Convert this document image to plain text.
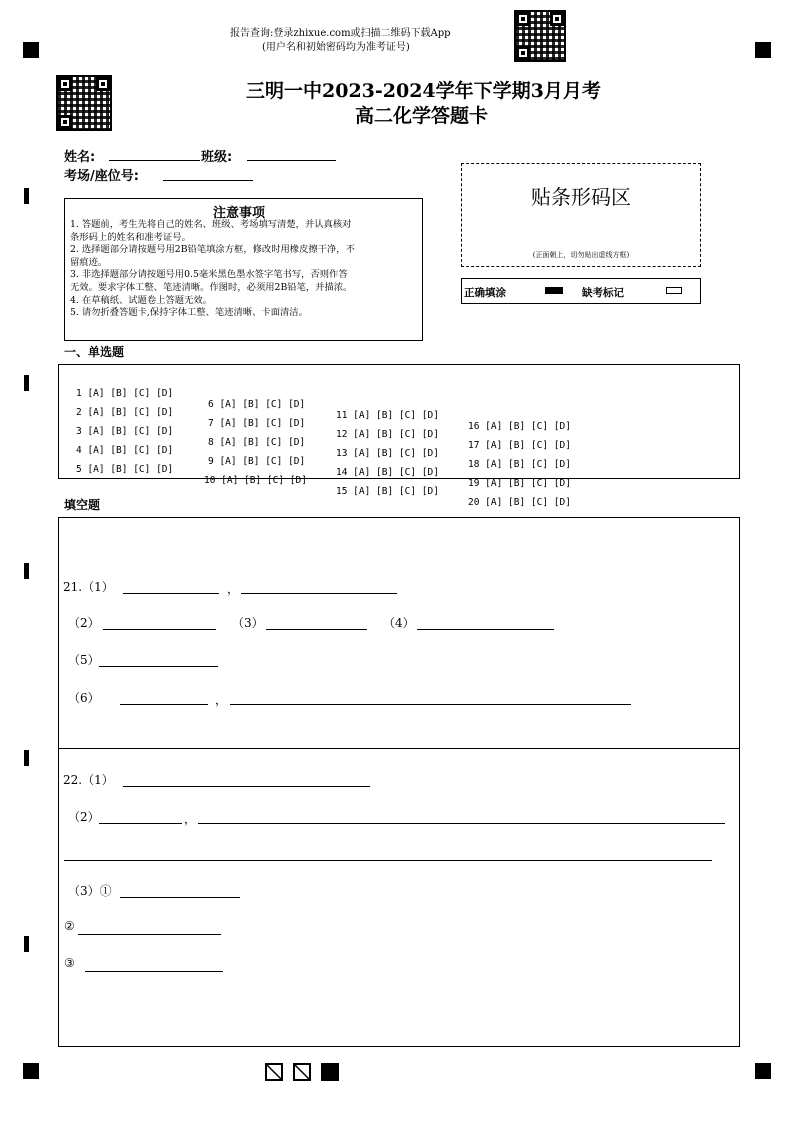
报告查询:登录zhixue.com或扫描二维码下载App
(用户名和初始密码均为准考证号)
三明一中2023-2024学年下学期3月月考
高二化学答题卡
姓名:	班级:
考场/座位号:
注意事项
1. 答题前，考生先将自己的姓名、班级、考场填写清楚，并认真核对
条形码上的姓名和准考证号。
2. 选择题部分请按题号用2B铅笔填涂方框，修改时用橡皮擦干净，不
留痕迹。
3. 非选择题部分请按题号用0.5毫米黑色墨水签字笔书写，否则作答
无效。要求字体工整、笔迹清晰。作图时，必须用2B铅笔，并描浓。
4. 在草稿纸、试题卷上答题无效。
5. 请勿折叠答题卡,保持字体工整、笔迹清晰、卡面清洁。
贴条形码区
(正面朝上，切勿贴出虚线方框)
正确填涂	缺考标记
一、单选题

1 [A] [B] [C] [D]

6 [A] [B] [C] [D]

11 [A] [B] [C] [D]

16 [A] [B] [C] [D]

2 [A] [B] [C] [D]

7 [A] [B] [C] [D]

12 [A] [B] [C] [D]

17 [A] [B] [C] [D]

3 [A] [B] [C] [D]

8 [A] [B] [C] [D]

13 [A] [B] [C] [D]

18 [A] [B] [C] [D]

4 [A] [B] [C] [D]

9 [A] [B] [C] [D]

14 [A] [B] [C] [D]

19 [A] [B] [C] [D]

5 [A] [B] [C] [D]

10 [A] [B] [C] [D]

15 [A] [B] [C] [D]

20 [A] [B] [C] [D]

填空题
21.（1）	，
（2）	（3）	（4）
（5）
（6）	，
22.（1）
（2）	，
（3）①
②
③
